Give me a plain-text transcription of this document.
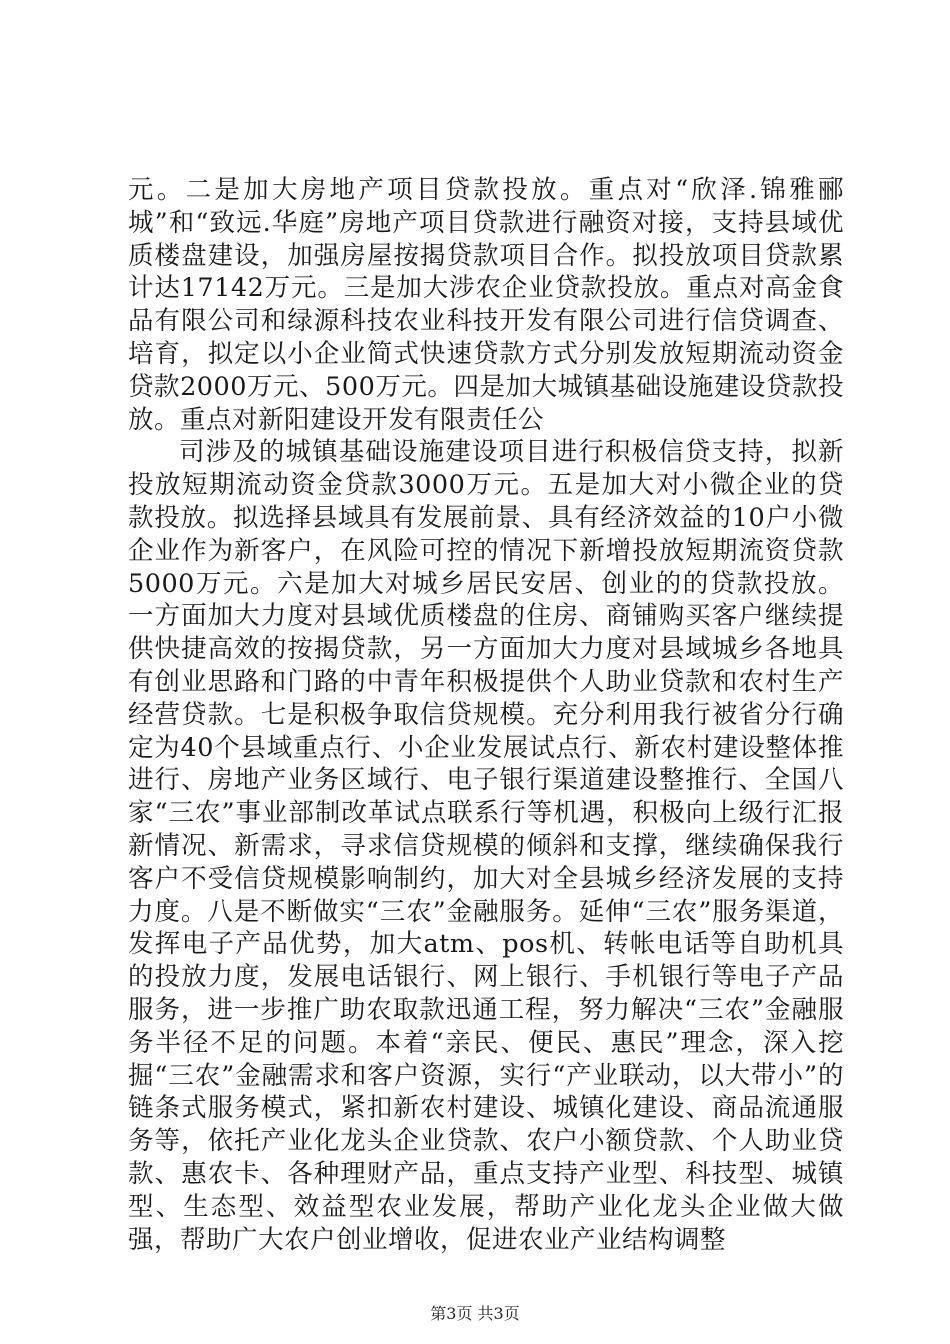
元。二是加大房地产项目贷款投放。重点对“欣泽.锦雅郦城”和“致远.华庭”房地产项目贷款进行融资对接，支持县域优质楼盘建设，加强房屋按揭贷款项目合作。拟投放项目贷款累计达17142万元。三是加大涉农企业贷款投放。重点对高金食品有限公司和绿源科技农业科技开发有限公司进行信贷调查、培育，拟定以小企业简式快速贷款方式分别发放短期流动资金贷款2000万元、500万元。四是加大城镇基础设施建设贷款投放。重点对新阳建设开发有限责任公

司涉及的城镇基础设施建设项目进行积极信贷支持，拟新投放短期流动资金贷款3000万元。五是加大对小微企业的贷款投放。拟选择县域具有发展前景、具有经济效益的10户小微企业作为新客户，在风险可控的情况下新增投放短期流资贷款5000万元。六是加大对城乡居民安居、创业的的贷款投放。一方面加大力度对县域优质楼盘的住房、商铺购买客户继续提供快捷高效的按揭贷款，另一方面加大力度对县域城乡各地具有创业思路和门路的中青年积极提供个人助业贷款和农村生产经营贷款。七是积极争取信贷规模。充分利用我行被省分行确定为40个县域重点行、小企业发展试点行、新农村建设整体推进行、房地产业务区域行、电子银行渠道建设整推行、全国八家“三农”事业部制改革试点联系行等机遇，积极向上级行汇报新情况、新需求，寻求信贷规模的倾斜和支撑，继续确保我行客户不受信贷规模影响制约，加大对全县城乡经济发展的支持力度。八是不断做实“三农”金融服务。延伸“三农”服务渠道，发挥电子产品优势，加大atm、pos机、转帐电话等自助机具的投放力度，发展电话银行、网上银行、手机银行等电子产品服务，进一步推广助农取款迅通工程，努力解决“三农”金融服务半径不足的问题。本着“亲民、便民、惠民”理念，深入挖掘“三农”金融需求和客户资源，实行“产业联动，以大带小”的链条式服务模式，紧扣新农村建设、城镇化建设、商品流通服务等，依托产业化龙头企业贷款、农户小额贷款、个人助业贷款、惠农卡、各种理财产品，重点支持产业型、科技型、城镇型、生态型、效益型农业发展，帮助产业化龙头企业做大做强，帮助广大农户创业增收，促进农业产业结构调整

第3页 共3页
